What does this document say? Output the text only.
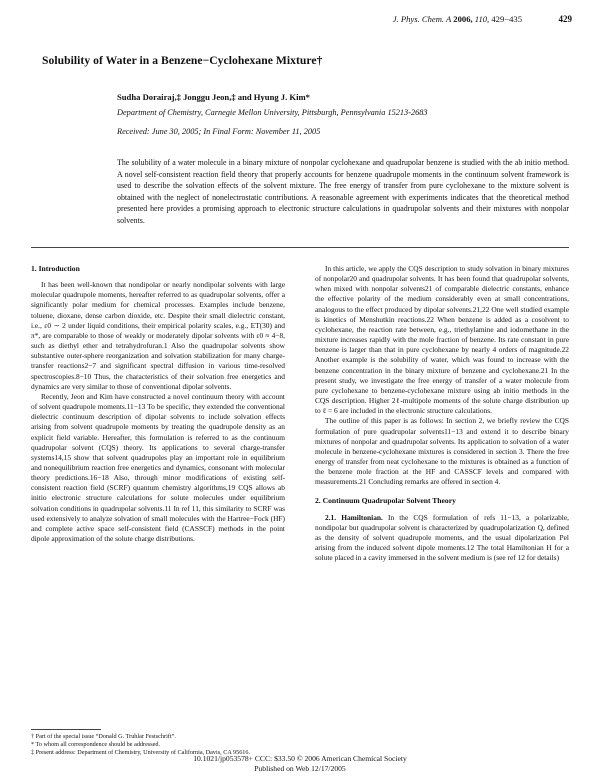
J. Phys. Chem. A 2006, 110, 429−435	429
Solubility of Water in a Benzene−Cyclohexane Mixture†
Sudha Dorairaj,‡ Jonggu Jeon,‡ and Hyung J. Kim*
Department of Chemistry, Carnegie Mellon University, Pittsburgh, Pennsylvania 15213-2683
Received: June 30, 2005; In Final Form: November 11, 2005
The solubility of a water molecule in a binary mixture of nonpolar cyclohexane and quadrupolar benzene is studied with the ab initio method. A novel self-consistent reaction field theory that properly accounts for benzene quadrupole moments in the continuum solvent framework is used to describe the solvation effects of the solvent mixture. The free energy of transfer from pure cyclohexane to the mixture solvent is obtained with the neglect of nonelectrostatic contributions. A reasonable agreement with experiments indicates that the theoretical method presented here provides a promising approach to electronic structure calculations in quadrupolar solvents and their mixtures with nonpolar solvents.
1. Introduction

It has been well-known that nondipolar or nearly nondipolar solvents with large molecular quadrupole moments, hereafter referred to as quadrupolar solvents, offer a significantly polar medium for chemical processes. Examples include benzene, toluene, dioxane, dense carbon dioxide, etc. Despite their small dielectric constant, i.e., ε0 ∼ 2 under liquid conditions, their empirical polarity scales, e.g., ET(30) and π*, are comparable to those of weakly or moderately dipolar solvents with ε0 ≈ 4−8, such as diethyl ether and tetrahydrofuran.1 Also the quadrupolar solvents show substantive outer-sphere reorganization and solvation stabilization for many charge-transfer reactions2−7 and significant spectral diffusion in various time-resolved spectroscopies.8−10 Thus, the characteristics of their solvation free energetics and dynamics are very similar to those of conventional dipolar solvents.

Recently, Jeon and Kim have constructed a novel continuum theory with account of solvent quadrupole moments.11−13 To be specific, they extended the conventional dielectric continuum description of dipolar solvents to include solvation effects arising from solvent quadrupole moments by treating the quadrupole density as an explicit field variable. Hereafter, this formulation is referred to as the continuum quadrupolar solvent (CQS) theory. Its applications to several charge-transfer systems14,15 show that solvent quadrupoles play an important role in equilibrium and nonequilibrium reaction free energetics and dynamics, consonant with molecular theory predictions.16−18 Also, through minor modifications of existing self-consistent reaction field (SCRF) quantum chemistry algorithms,19 CQS allows ab initio electronic structure calculations for solute molecules under equilibrium solvation conditions in quadrupolar solvents.11 In ref 11, this similarity to SCRF was used extensively to analyze solvation of small molecules with the Hartree−Fock (HF) and complete active space self-consistent field (CASSCF) methods in the point dipole approximation of the solute charge distributions.

In this article, we apply the CQS description to study solvation in binary mixtures of nonpolar20 and quadrupolar solvents. It has been found that quadrupolar solvents, when mixed with nonpolar solvents21 of comparable dielectric constants, enhance the effective polarity of the medium considerably even at small concentrations, analogous to the effect produced by dipolar solvents.21,22 One well studied example is kinetics of Menshutkin reactions.22 When benzene is added as a cosolvent to cyclohexane, the reaction rate between, e.g., triethylamine and iodomethane in the mixture increases rapidly with the mole fraction of benzene. Its rate constant in pure benzene is larger than that in pure cyclohexane by nearly 4 orders of magnitude.22 Another example is the solubility of water, which was found to increase with the benzene concentration in the binary mixture of benzene and cyclohexane.21 In the present study, we investigate the free energy of transfer of a water molecule from pure cyclohexane to benzene-cyclohexane mixture using ab initio methods in the CQS description. Higher 2ℓ-multipole moments of the solute charge distribution up to ℓ = 6 are included in the electronic structure calculations.

The outline of this paper is as follows: In section 2, we briefly review the CQS formulation of pure quadrupolar solvents11−13 and extend it to describe binary mixtures of nonpolar and quadrupolar solvents. Its application to solvation of a water molecule in benzene-cyclohexane mixtures is considered in section 3. There the free energy of transfer from neat cyclohexane to the mixtures is obtained as a function of the benzene mole fraction at the HF and CASSCF levels and compared with measurements.21 Concluding remarks are offered in section 4.

2. Continuum Quadrupolar Solvent Theory

2.1. Hamiltonian. In the CQS formulation of refs 11−13, a polarizable, nondipolar but quadrupolar solvent is characterized by quadrupolarization Q, defined as the density of solvent quadrupole moments, and the usual dipolarization Pel arising from the induced solvent dipole moments.12 The total Hamiltonian H for a solute placed in a cavity immersed in the solvent medium is (see ref 12 for details)

† Part of the special issue “Donald G. Truhlar Festschrift”.
* To whom all correspondence should be addressed.
‡ Present address: Department of Chemistry, University of California, Davis, CA 95616.
10.1021/jp053578+ CCC: $33.50 © 2006 American Chemical Society
Published on Web 12/17/2005
